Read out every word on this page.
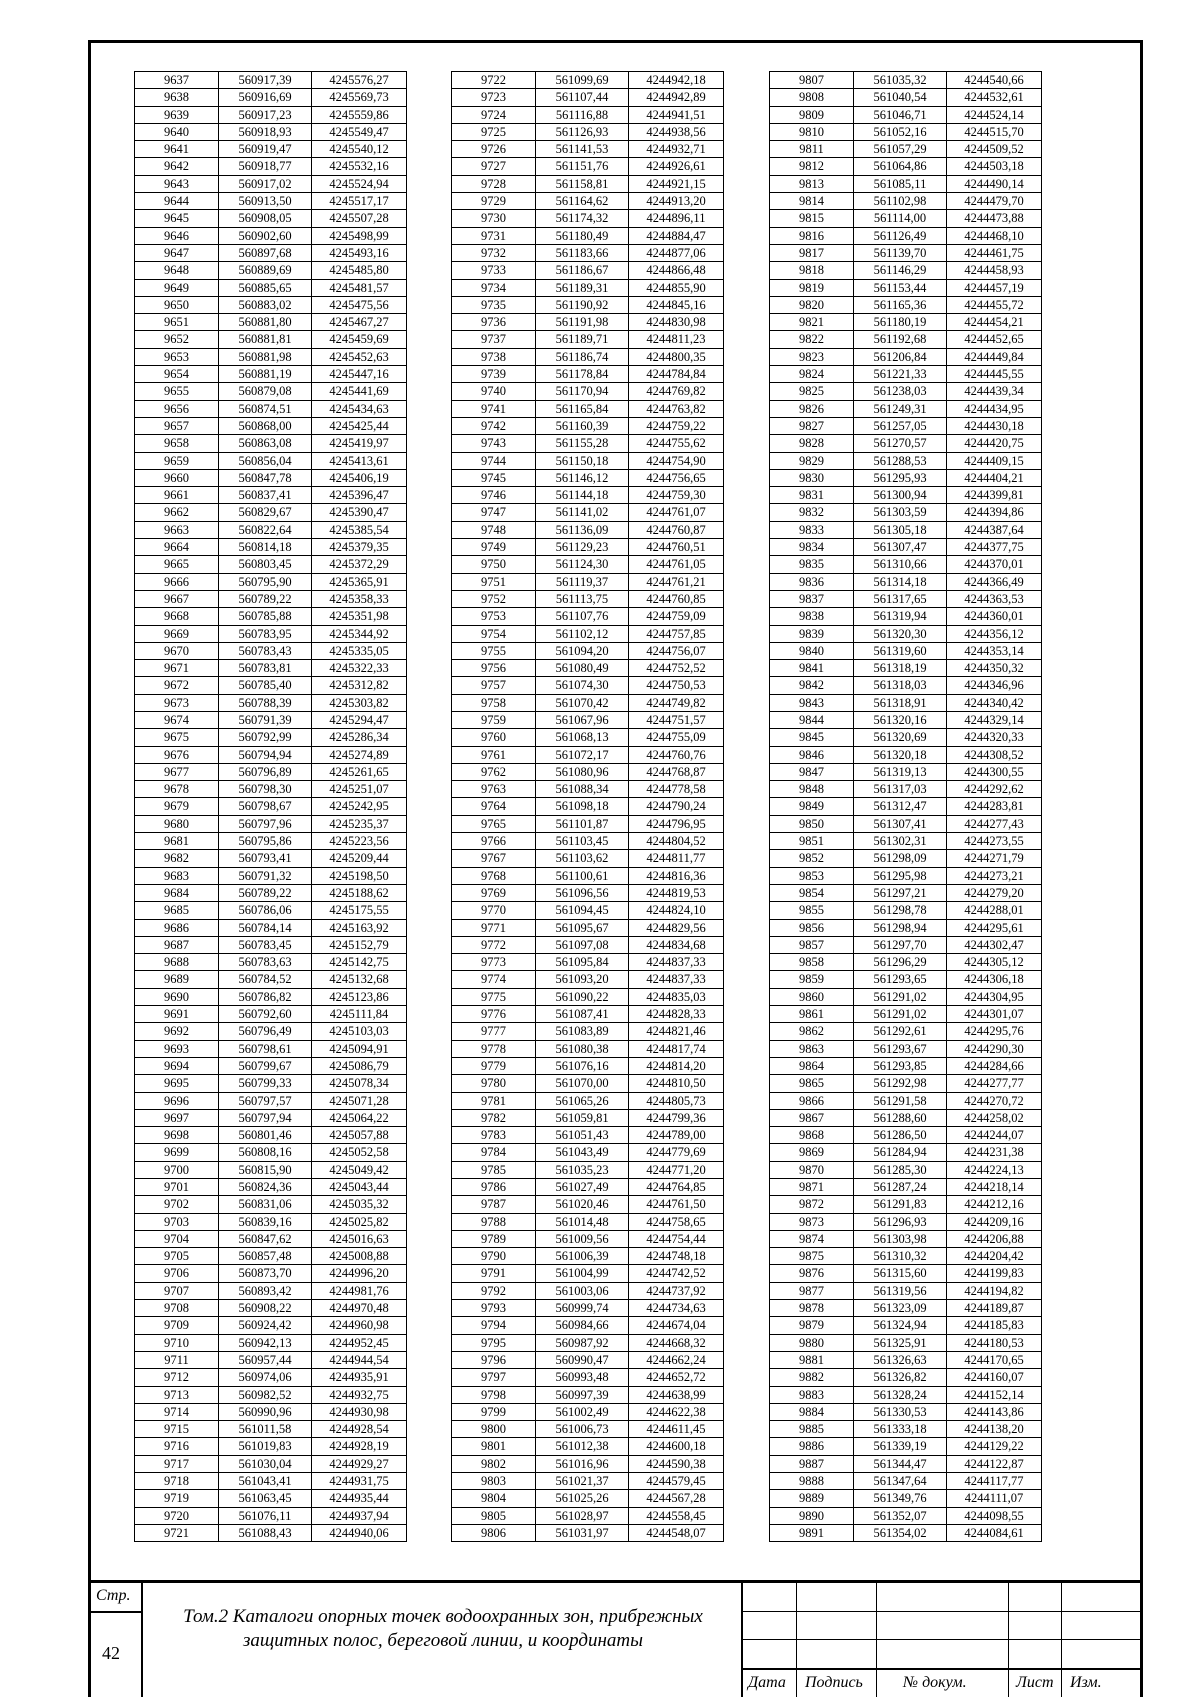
9637	560917,39	4245576,27
9638	560916,69	4245569,73
9639	560917,23	4245559,86
9640	560918,93	4245549,47
9641	560919,47	4245540,12
9642	560918,77	4245532,16
9643	560917,02	4245524,94
9644	560913,50	4245517,17
9645	560908,05	4245507,28
9646	560902,60	4245498,99
9647	560897,68	4245493,16
9648	560889,69	4245485,80
9649	560885,65	4245481,57
9650	560883,02	4245475,56
9651	560881,80	4245467,27
9652	560881,81	4245459,69
9653	560881,98	4245452,63
9654	560881,19	4245447,16
9655	560879,08	4245441,69
9656	560874,51	4245434,63
9657	560868,00	4245425,44
9658	560863,08	4245419,97
9659	560856,04	4245413,61
9660	560847,78	4245406,19
9661	560837,41	4245396,47
9662	560829,67	4245390,47
9663	560822,64	4245385,54
9664	560814,18	4245379,35
9665	560803,45	4245372,29
9666	560795,90	4245365,91
9667	560789,22	4245358,33
9668	560785,88	4245351,98
9669	560783,95	4245344,92
9670	560783,43	4245335,05
9671	560783,81	4245322,33
9672	560785,40	4245312,82
9673	560788,39	4245303,82
9674	560791,39	4245294,47
9675	560792,99	4245286,34
9676	560794,94	4245274,89
9677	560796,89	4245261,65
9678	560798,30	4245251,07
9679	560798,67	4245242,95
9680	560797,96	4245235,37
9681	560795,86	4245223,56
9682	560793,41	4245209,44
9683	560791,32	4245198,50
9684	560789,22	4245188,62
9685	560786,06	4245175,55
9686	560784,14	4245163,92
9687	560783,45	4245152,79
9688	560783,63	4245142,75
9689	560784,52	4245132,68
9690	560786,82	4245123,86
9691	560792,60	4245111,84
9692	560796,49	4245103,03
9693	560798,61	4245094,91
9694	560799,67	4245086,79
9695	560799,33	4245078,34
9696	560797,57	4245071,28
9697	560797,94	4245064,22
9698	560801,46	4245057,88
9699	560808,16	4245052,58
9700	560815,90	4245049,42
9701	560824,36	4245043,44
9702	560831,06	4245035,32
9703	560839,16	4245025,82
9704	560847,62	4245016,63
9705	560857,48	4245008,88
9706	560873,70	4244996,20
9707	560893,42	4244981,76
9708	560908,22	4244970,48
9709	560924,42	4244960,98
9710	560942,13	4244952,45
9711	560957,44	4244944,54
9712	560974,06	4244935,91
9713	560982,52	4244932,75
9714	560990,96	4244930,98
9715	561011,58	4244928,54
9716	561019,83	4244928,19
9717	561030,04	4244929,27
9718	561043,41	4244931,75
9719	561063,45	4244935,44
9720	561076,11	4244937,94
9721	561088,43	4244940,06
9722	561099,69	4244942,18
9723	561107,44	4244942,89
9724	561116,88	4244941,51
9725	561126,93	4244938,56
9726	561141,53	4244932,71
9727	561151,76	4244926,61
9728	561158,81	4244921,15
9729	561164,62	4244913,20
9730	561174,32	4244896,11
9731	561180,49	4244884,47
9732	561183,66	4244877,06
9733	561186,67	4244866,48
9734	561189,31	4244855,90
9735	561190,92	4244845,16
9736	561191,98	4244830,98
9737	561189,71	4244811,23
9738	561186,74	4244800,35
9739	561178,84	4244784,84
9740	561170,94	4244769,82
9741	561165,84	4244763,82
9742	561160,39	4244759,22
9743	561155,28	4244755,62
9744	561150,18	4244754,90
9745	561146,12	4244756,65
9746	561144,18	4244759,30
9747	561141,02	4244761,07
9748	561136,09	4244760,87
9749	561129,23	4244760,51
9750	561124,30	4244761,05
9751	561119,37	4244761,21
9752	561113,75	4244760,85
9753	561107,76	4244759,09
9754	561102,12	4244757,85
9755	561094,20	4244756,07
9756	561080,49	4244752,52
9757	561074,30	4244750,53
9758	561070,42	4244749,82
9759	561067,96	4244751,57
9760	561068,13	4244755,09
9761	561072,17	4244760,76
9762	561080,96	4244768,87
9763	561088,34	4244778,58
9764	561098,18	4244790,24
9765	561101,87	4244796,95
9766	561103,45	4244804,52
9767	561103,62	4244811,77
9768	561100,61	4244816,36
9769	561096,56	4244819,53
9770	561094,45	4244824,10
9771	561095,67	4244829,56
9772	561097,08	4244834,68
9773	561095,84	4244837,33
9774	561093,20	4244837,33
9775	561090,22	4244835,03
9776	561087,41	4244828,33
9777	561083,89	4244821,46
9778	561080,38	4244817,74
9779	561076,16	4244814,20
9780	561070,00	4244810,50
9781	561065,26	4244805,73
9782	561059,81	4244799,36
9783	561051,43	4244789,00
9784	561043,49	4244779,69
9785	561035,23	4244771,20
9786	561027,49	4244764,85
9787	561020,46	4244761,50
9788	561014,48	4244758,65
9789	561009,56	4244754,44
9790	561006,39	4244748,18
9791	561004,99	4244742,52
9792	561003,06	4244737,92
9793	560999,74	4244734,63
9794	560984,66	4244674,04
9795	560987,92	4244668,32
9796	560990,47	4244662,24
9797	560993,48	4244652,72
9798	560997,39	4244638,99
9799	561002,49	4244622,38
9800	561006,73	4244611,45
9801	561012,38	4244600,18
9802	561016,96	4244590,38
9803	561021,37	4244579,45
9804	561025,26	4244567,28
9805	561028,97	4244558,45
9806	561031,97	4244548,07
9807	561035,32	4244540,66
9808	561040,54	4244532,61
9809	561046,71	4244524,14
9810	561052,16	4244515,70
9811	561057,29	4244509,52
9812	561064,86	4244503,18
9813	561085,11	4244490,14
9814	561102,98	4244479,70
9815	561114,00	4244473,88
9816	561126,49	4244468,10
9817	561139,70	4244461,75
9818	561146,29	4244458,93
9819	561153,44	4244457,19
9820	561165,36	4244455,72
9821	561180,19	4244454,21
9822	561192,68	4244452,65
9823	561206,84	4244449,84
9824	561221,33	4244445,55
9825	561238,03	4244439,34
9826	561249,31	4244434,95
9827	561257,05	4244430,18
9828	561270,57	4244420,75
9829	561288,53	4244409,15
9830	561295,93	4244404,21
9831	561300,94	4244399,81
9832	561303,59	4244394,86
9833	561305,18	4244387,64
9834	561307,47	4244377,75
9835	561310,66	4244370,01
9836	561314,18	4244366,49
9837	561317,65	4244363,53
9838	561319,94	4244360,01
9839	561320,30	4244356,12
9840	561319,60	4244353,14
9841	561318,19	4244350,32
9842	561318,03	4244346,96
9843	561318,91	4244340,42
9844	561320,16	4244329,14
9845	561320,69	4244320,33
9846	561320,18	4244308,52
9847	561319,13	4244300,55
9848	561317,03	4244292,62
9849	561312,47	4244283,81
9850	561307,41	4244277,43
9851	561302,31	4244273,55
9852	561298,09	4244271,79
9853	561295,98	4244273,21
9854	561297,21	4244279,20
9855	561298,78	4244288,01
9856	561298,94	4244295,61
9857	561297,70	4244302,47
9858	561296,29	4244305,12
9859	561293,65	4244306,18
9860	561291,02	4244304,95
9861	561291,02	4244301,07
9862	561292,61	4244295,76
9863	561293,67	4244290,30
9864	561293,85	4244284,66
9865	561292,98	4244277,77
9866	561291,58	4244270,72
9867	561288,60	4244258,02
9868	561286,50	4244244,07
9869	561284,94	4244231,38
9870	561285,30	4244224,13
9871	561287,24	4244218,14
9872	561291,83	4244212,16
9873	561296,93	4244209,16
9874	561303,98	4244206,88
9875	561310,32	4244204,42
9876	561315,60	4244199,83
9877	561319,56	4244194,82
9878	561323,09	4244189,87
9879	561324,94	4244185,83
9880	561325,91	4244180,53
9881	561326,63	4244170,65
9882	561326,82	4244160,07
9883	561328,24	4244152,14
9884	561330,53	4244143,86
9885	561333,18	4244138,20
9886	561339,19	4244129,22
9887	561344,47	4244122,87
9888	561347,64	4244117,77
9889	561349,76	4244111,07
9890	561352,07	4244098,55
9891	561354,02	4244084,61
Стр.
42
Том.2 Каталоги опорных точек водоохранных зон, прибрежных
защитных полос, береговой линии, и координаты
Дата Подпись	№ докум.	Лист Изм.
